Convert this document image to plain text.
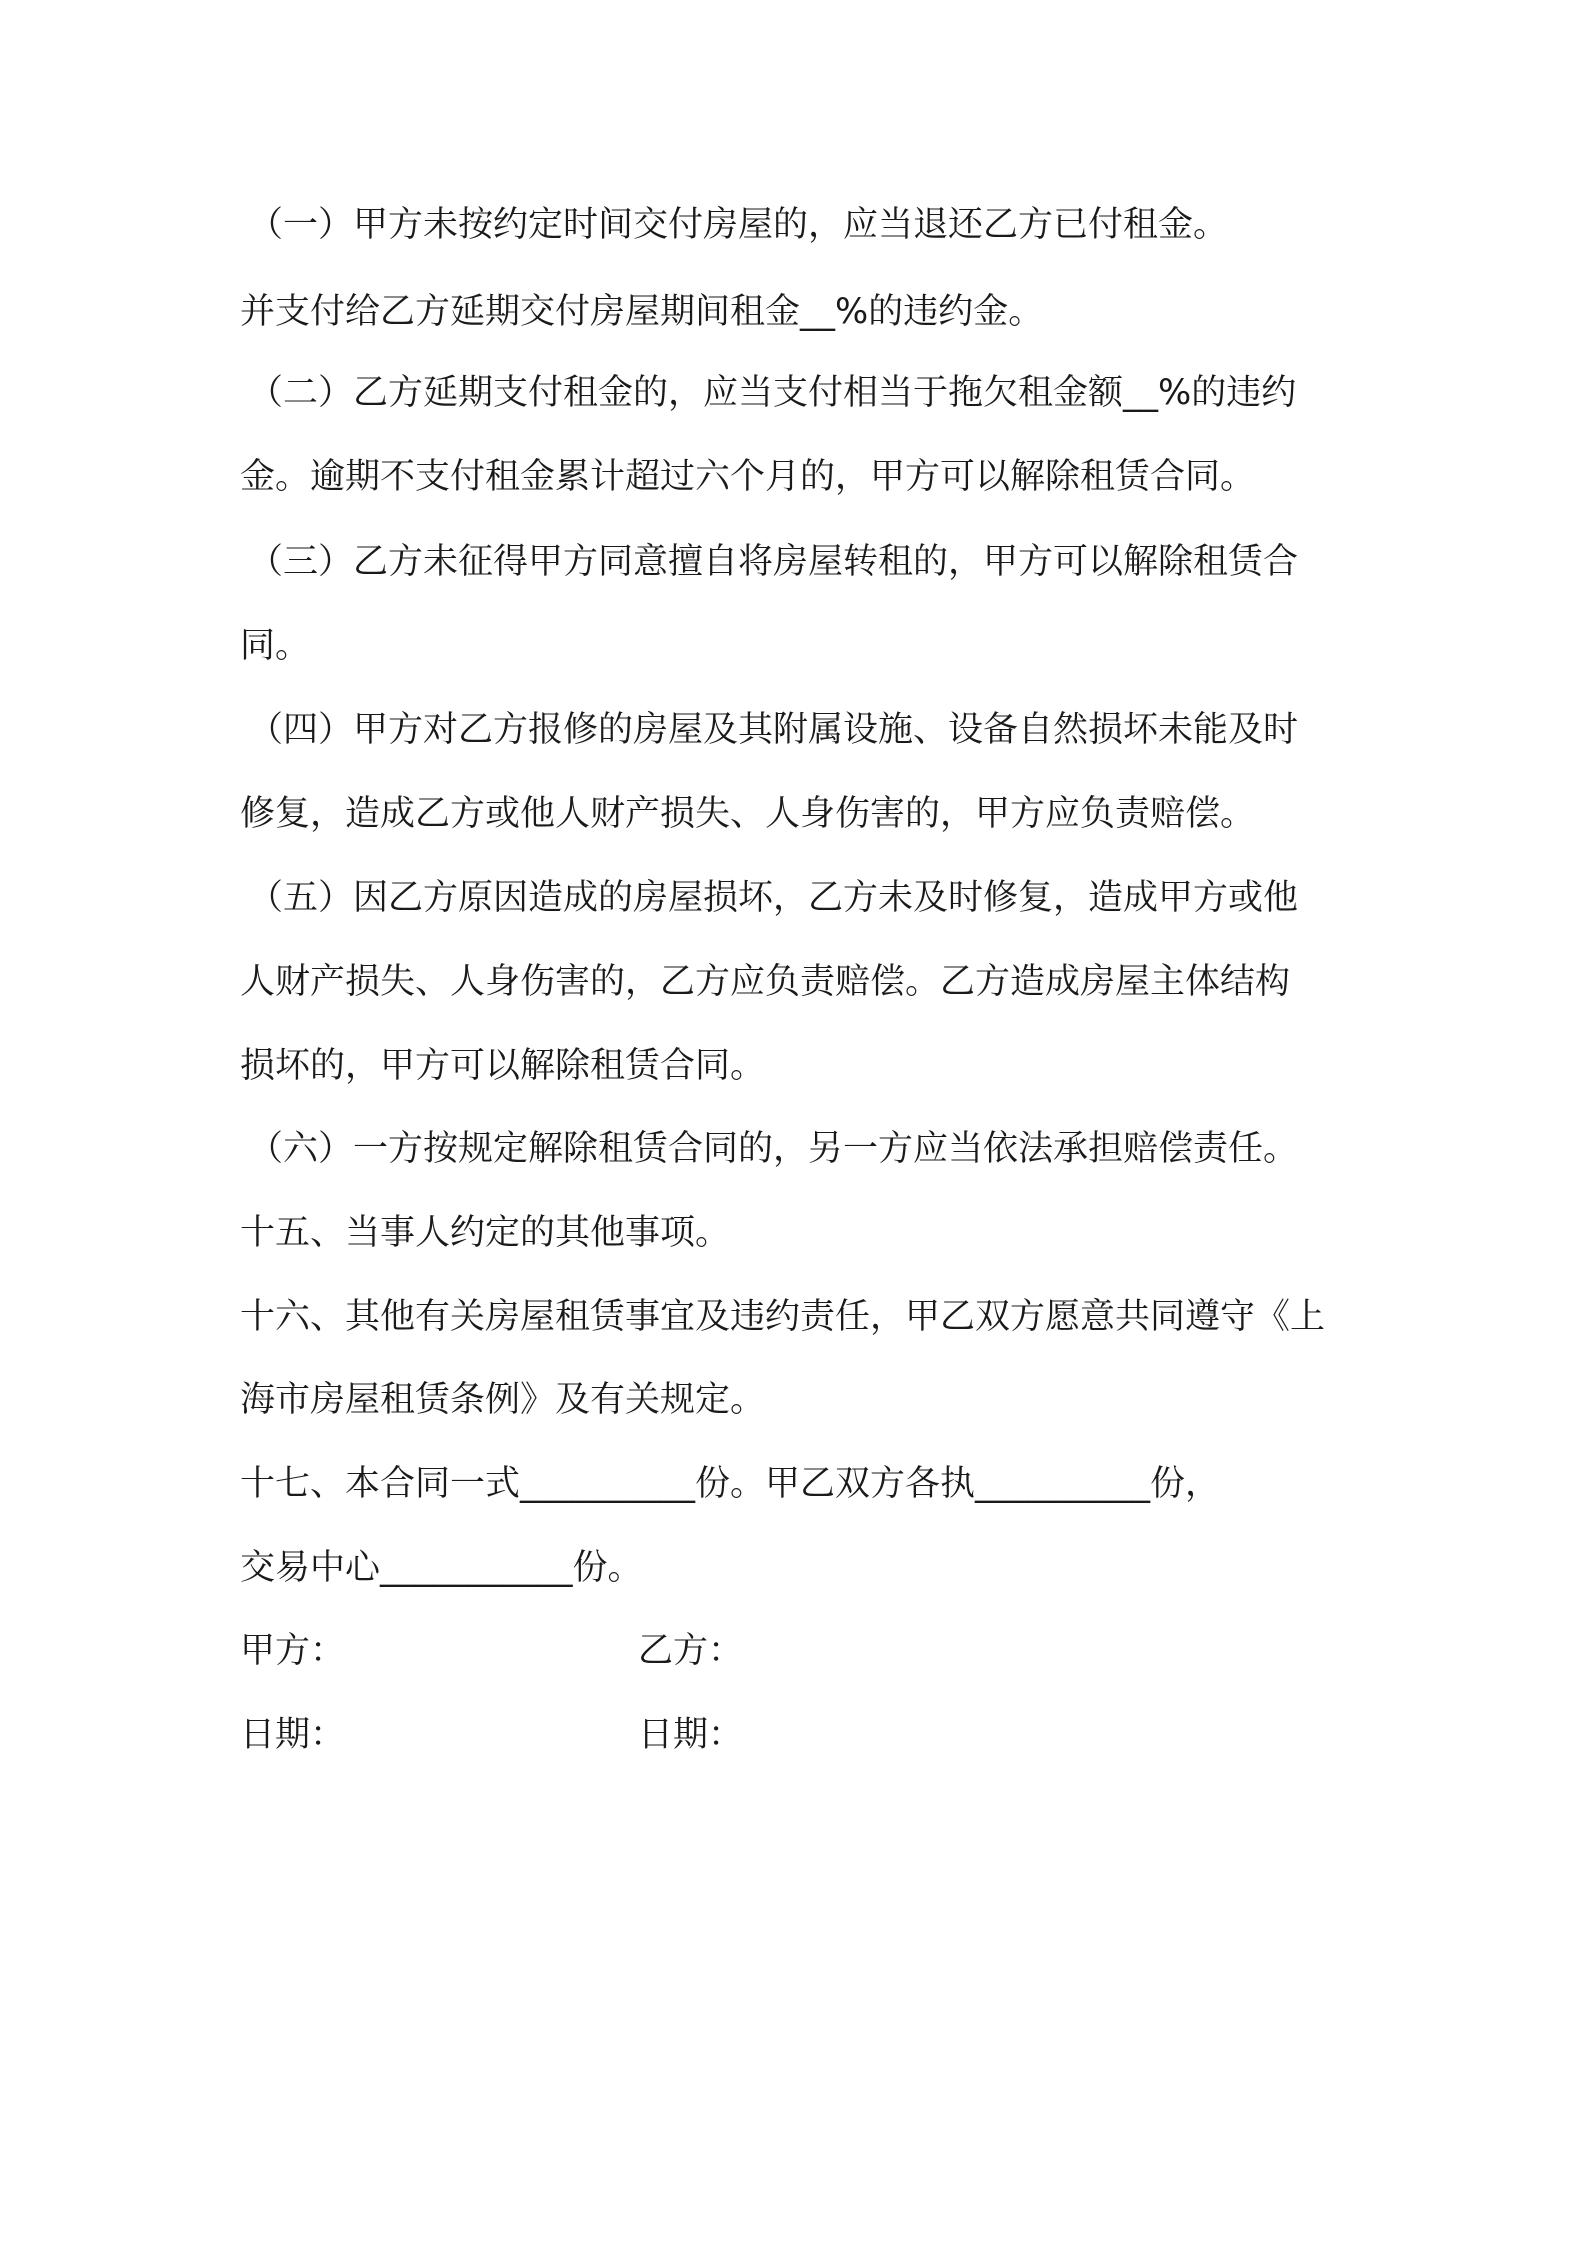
（一）甲方未按约定时间交付房屋的，应当退还乙方已付租金。
并支付给乙方延期交付房屋期间租金__%的违约金。
（二）乙方延期支付租金的，应当支付相当于拖欠租金额__%的违约
金。逾期不支付租金累计超过六个月的，甲方可以解除租赁合同。
（三）乙方未征得甲方同意擅自将房屋转租的，甲方可以解除租赁合
同。
（四）甲方对乙方报修的房屋及其附属设施、设备自然损坏未能及时
修复，造成乙方或他人财产损失、人身伤害的，甲方应负责赔偿。
（五）因乙方原因造成的房屋损坏，乙方未及时修复，造成甲方或他
人财产损失、人身伤害的，乙方应负责赔偿。乙方造成房屋主体结构
损坏的，甲方可以解除租赁合同。
（六）一方按规定解除租赁合同的，另一方应当依法承担赔偿责任。
十五、当事人约定的其他事项。
十六、其他有关房屋租赁事宜及违约责任，甲乙双方愿意共同遵守《上
海市房屋租赁条例》及有关规定。
十七、本合同一式__________份。甲乙双方各执__________份，
交易中心___________份。
甲方：	乙方：
日期：	日期：
